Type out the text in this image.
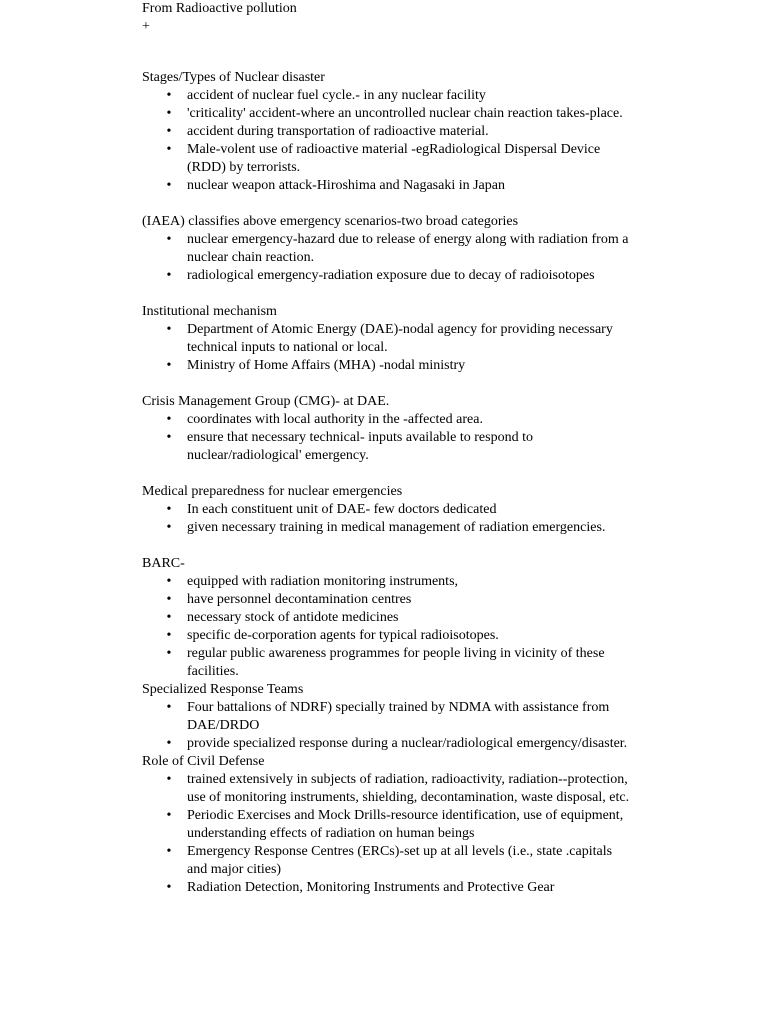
From Radioactive pollution

+

Stages/Types of Nuclear disaster

• accident of nuclear fuel cycle.- in any nuclear facility
• 'criticality' accident-where an uncontrolled nuclear chain reaction takes-place.
• accident during transportation of radioactive material.
• Male-volent use of radioactive material -egRadiological Dispersal Device (RDD) by terrorists.
• nuclear weapon attack-Hiroshima and Nagasaki in Japan

(IAEA) classifies above emergency scenarios-two broad categories

• nuclear emergency-hazard due to release of energy along with radiation from a nuclear chain reaction.
• radiological emergency-radiation exposure due to decay of radioisotopes

Institutional mechanism

• Department of Atomic Energy (DAE)-nodal agency for providing necessary technical inputs to national or local.
• Ministry of Home Affairs (MHA) -nodal ministry

Crisis Management Group (CMG)- at DAE.

• coordinates with local authority in the -affected area.
• ensure that necessary technical- inputs available to respond to nuclear/radiological' emergency.

Medical preparedness for nuclear emergencies

• In each constituent unit of DAE- few doctors dedicated
• given necessary training in medical management of radiation emergencies.

BARC-

• equipped with radiation monitoring instruments,
• have personnel decontamination centres
• necessary stock of antidote medicines
• specific de-corporation agents for typical radioisotopes.
• regular public awareness programmes for people living in vicinity of these facilities.

Specialized Response Teams

• Four battalions of NDRF) specially trained by NDMA with assistance from DAE/DRDO
• provide specialized response during a nuclear/radiological emergency/disaster.

Role of Civil Defense

• trained extensively in subjects of radiation, radioactivity, radiation--protection, use of monitoring instruments, shielding, decontamination, waste disposal, etc.
• Periodic Exercises and Mock Drills-resource identification, use of equipment, understanding effects of radiation on human beings
• Emergency Response Centres (ERCs)-set up at all levels (i.e., state .capitals and major cities)
• Radiation Detection, Monitoring Instruments and Protective Gear
